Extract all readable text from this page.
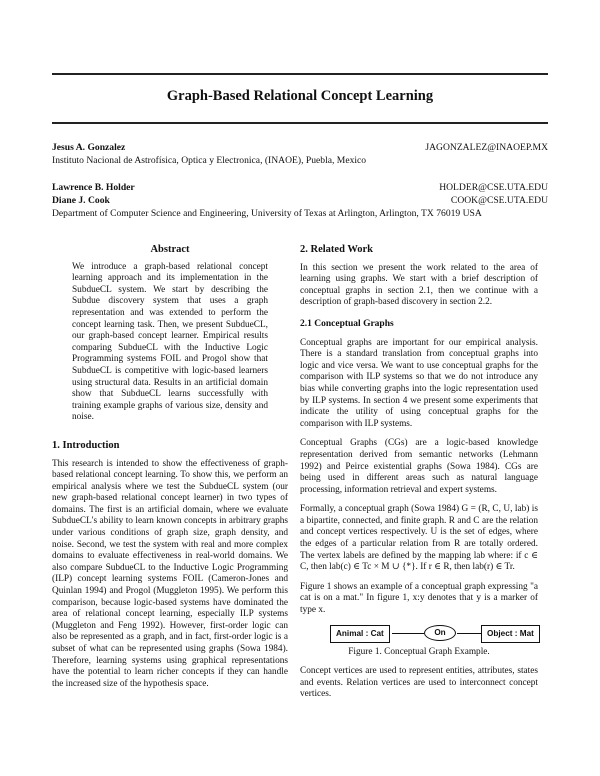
Graph-Based Relational Concept Learning
Jesus A. Gonzalez	JAGONZALEZ@INAOEP.MX
Instituto Nacional de Astrofísica, Optica y Electronica, (INAOE), Puebla, Mexico
Lawrence B. Holder	HOLDER@CSE.UTA.EDU
Diane J. Cook	COOK@CSE.UTA.EDU
Department of Computer Science and Engineering, University of Texas at Arlington, Arlington, TX 76019 USA
Abstract

We introduce a graph-based relational concept learning approach and its implementation in the SubdueCL system. We start by describing the Subdue discovery system that uses a graph representation and was extended to perform the concept learning task. Then, we present SubdueCL, our graph-based concept learner. Empirical results comparing SubdueCL with the Inductive Logic Programming systems FOIL and Progol show that SubdueCL is competitive with logic-based learners using structural data. Results in an artificial domain show that SubdueCL learns successfully with training example graphs of various size, density and noise.

1. Introduction

This research is intended to show the effectiveness of graph-based relational concept learning. To show this, we perform an empirical analysis where we test the SubdueCL system (our new graph-based relational concept learner) in two types of domains. The first is an artificial domain, where we evaluate SubdueCL's ability to learn known concepts in arbitrary graphs under various conditions of graph size, graph density, and noise. Second, we test the system with real and more complex domains to evaluate effectiveness in real-world domains. We also compare SubdueCL to the Inductive Logic Programming (ILP) concept learning systems FOIL (Cameron-Jones and Quinlan 1994) and Progol (Muggleton 1995). We perform this comparison, because logic-based systems have dominated the area of relational concept learning, especially ILP systems (Muggleton and Feng 1992). However, first-order logic can also be represented as a graph, and in fact, first-order logic is a subset of what can be represented using graphs (Sowa 1984). Therefore, learning systems using graphical representations have the potential to learn richer concepts if they can handle the increased size of the hypothesis space.

2. Related Work

In this section we present the work related to the area of learning using graphs. We start with a brief description of conceptual graphs in section 2.1, then we continue with a description of graph-based discovery in section 2.2.

2.1 Conceptual Graphs

Conceptual graphs are important for our empirical analysis. There is a standard translation from conceptual graphs into logic and vice versa. We want to use conceptual graphs for the comparison with ILP systems so that we do not introduce any bias while converting graphs into the logic representation used by ILP systems. In section 4 we present some experiments that indicate the utility of using conceptual graphs for the comparison with ILP systems.

Conceptual Graphs (CGs) are a logic-based knowledge representation derived from semantic networks (Lehmann 1992) and Peirce existential graphs (Sowa 1984). CGs are being used in different areas such as natural language processing, information retrieval and expert systems.

Formally, a conceptual graph (Sowa 1984) G = (R, C, U, lab) is a bipartite, connected, and finite graph. R and C are the relation and concept vertices respectively. U is the set of edges, where the edges of a particular relation from R are totally ordered. The vertex labels are defined by the mapping lab where: if c ∈ C, then lab(c) ∈ Tc × M ∪ {*}. If r ∈ R, then lab(r) ∈ Tr.

Figure 1 shows an example of a conceptual graph expressing "a cat is on a mat." In figure 1, x:y denotes that y is a marker of type x.

Animal : Cat	On	Object : Mat
Figure 1. Conceptual Graph Example.

Concept vertices are used to represent entities, attributes, states and events. Relation vertices are used to interconnect concept vertices.
